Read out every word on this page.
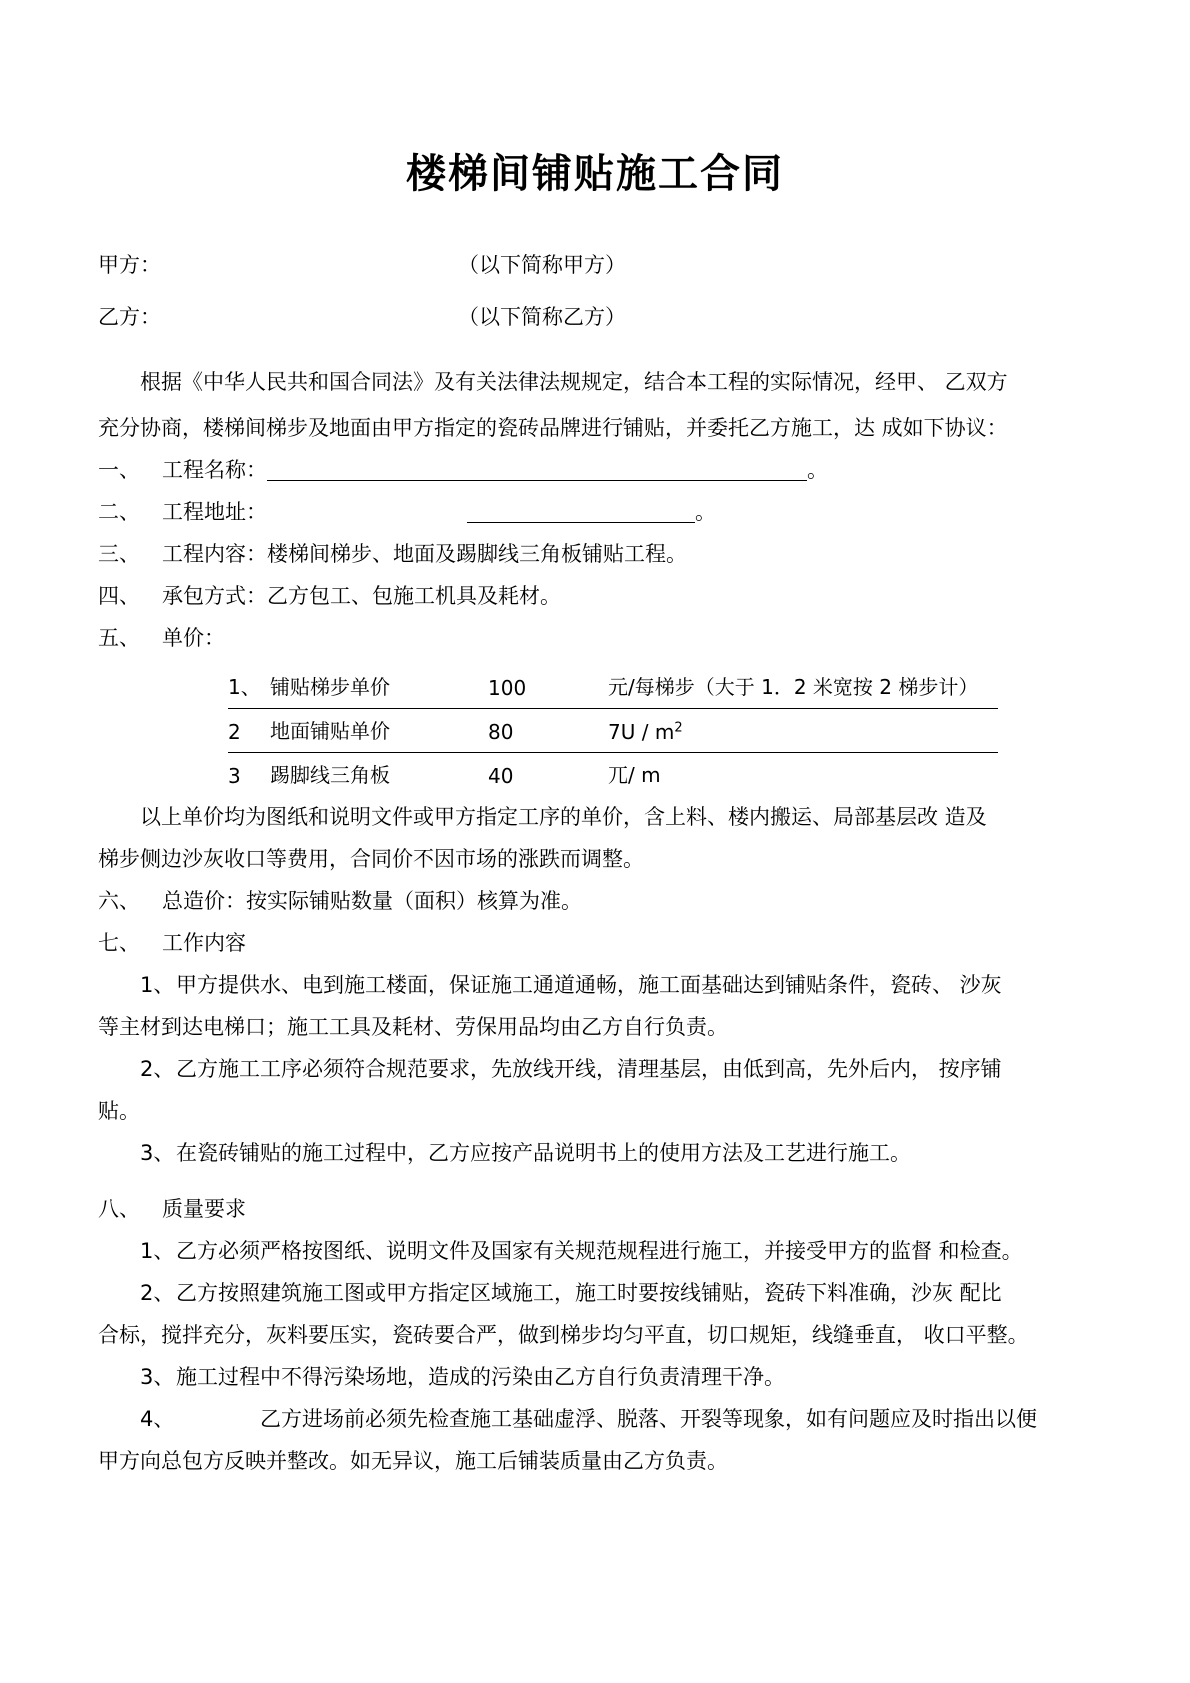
楼梯间铺贴施工合同
甲方：	（以下简称甲方）
乙方：	（以下简称乙方）

根据《中华人民共和国合同法》及有关法律法规规定，结合本工程的实际情况，经甲、 乙双方

充分协商，楼梯间梯步及地面由甲方指定的瓷砖品牌进行铺贴，并委托乙方施工，达 成如下协议：

一、	工程名称：	。
二、	工程地址：	。
三、	工程内容：楼梯间梯步、地面及踢脚线三角板铺贴工程。
四、	承包方式：乙方包工、包施工机具及耗材。
五、	单价：
1、	铺贴梯步单价	100	元/每梯步（大于 1．2 米宽按 2 梯步计）
2	地面铺贴单价	80	$7U / m^2$
3	踢脚线三角板	40	兀/ m

以上单价均为图纸和说明文件或甲方指定工序的单价，含上料、楼内搬运、局部基层改 造及

梯步侧边沙灰收口等费用，合同价不因市场的涨跌而调整。

六、	总造价：按实际铺贴数量（面积）核算为准。
七、	工作内容
1、 甲方提供水、电到施工楼面，保证施工通道通畅，施工面基础达到铺贴条件，瓷砖、 沙灰

等主材到达电梯口；施工工具及耗材、劳保用品均由乙方自行负责。

2、 乙方施工工序必须符合规范要求，先放线开线，清理基层，由低到高，先外后内， 按序铺

贴。

3、 在瓷砖铺贴的施工过程中，乙方应按产品说明书上的使用方法及工艺进行施工。
八、	质量要求
1、 乙方必须严格按图纸、说明文件及国家有关规范规程进行施工，并接受甲方的监督 和检查。
2、 乙方按照建筑施工图或甲方指定区域施工，施工时要按线铺贴，瓷砖下料准确，沙灰 配比

合标，搅拌充分，灰料要压实，瓷砖要合严，做到梯步均匀平直，切口规矩，线缝垂直， 收口平整。

3、 施工过程中不得污染场地，造成的污染由乙方自行负责清理干净。
4、	乙方进场前必须先检查施工基础虚浮、脱落、开裂等现象，如有问题应及时指出以便

甲方向总包方反映并整改。如无异议，施工后铺装质量由乙方负责。
